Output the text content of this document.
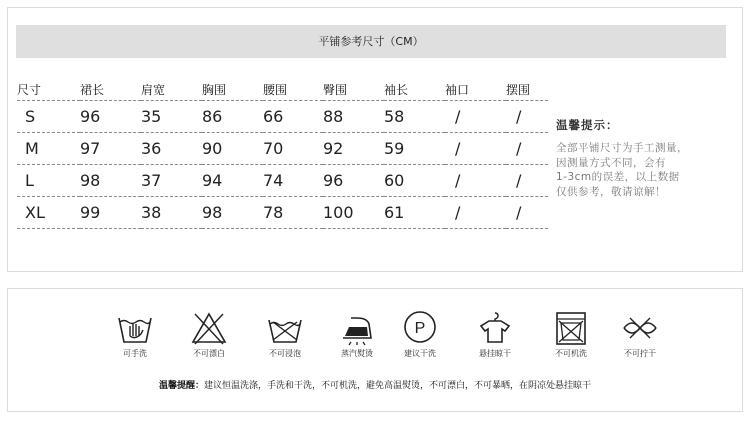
平铺参考尺寸（CM）
尺寸	裙长	肩宽	胸围	腰围	臀围	袖长	袖口	摆围
S	96	35	86	66	88	58	/	/
M	97	36	90	70	92	59	/	/
L	98	37	94	74	96	60	/	/
XL	99	38	98	78	100	61	/	/
温馨提示：
全部平铺尺寸为手工测量，
因测量方式不同，会有
1-3cm的误差，以上数据
仅供参考，敬请谅解！
可手洗	不可漂白	不可浸泡	蒸汽熨烫
P
建议干洗	悬挂晾干	不可机洗	不可拧干
温馨提醒：建议恒温洗涤，手洗和干洗，不可机洗，避免高温熨烫，不可漂白，不可暴晒，在阴凉处悬挂晾干
